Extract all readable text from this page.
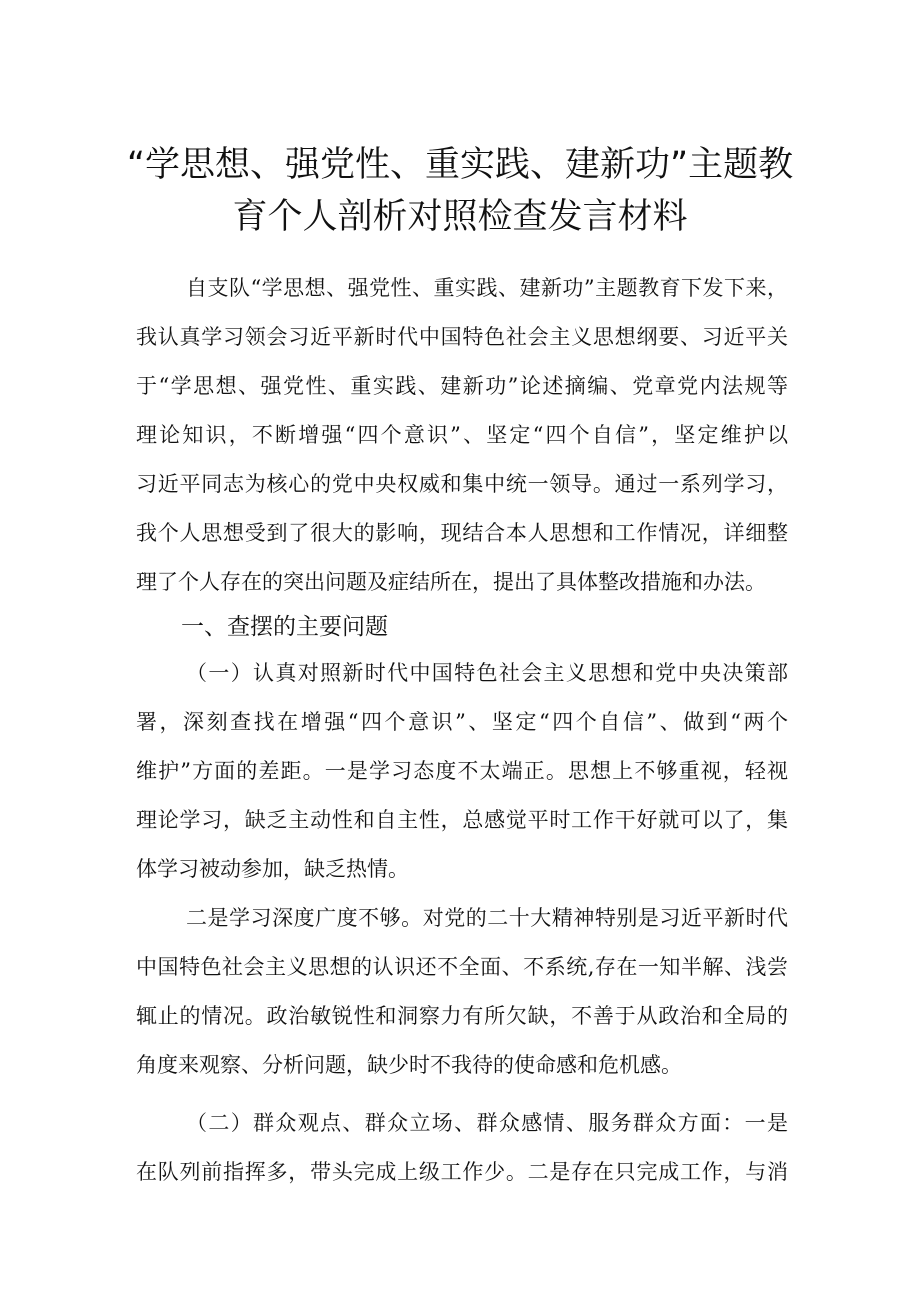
“学思想、强党性、重实践、建新功”主题教
育个人剖析对照检查发言材料
自支队“学思想、强党性、重实践、建新功”主题教育下发下来，
我认真学习领会习近平新时代中国特色社会主义思想纲要、习近平关
于“学思想、强党性、重实践、建新功”论述摘编、党章党内法规等
理论知识，不断增强“四个意识”、坚定“四个自信”，坚定维护以
习近平同志为核心的党中央权威和集中统一领导。通过一系列学习，
我个人思想受到了很大的影响，现结合本人思想和工作情况，详细整
理了个人存在的突出问题及症结所在，提出了具体整改措施和办法。
一、查摆的主要问题
（一）认真对照新时代中国特色社会主义思想和党中央决策部
署，深刻查找在增强“四个意识”、坚定“四个自信”、做到“两个
维护”方面的差距。一是学习态度不太端正。思想上不够重视，轻视
理论学习，缺乏主动性和自主性，总感觉平时工作干好就可以了，集
体学习被动参加，缺乏热情。
二是学习深度广度不够。对党的二十大精神特别是习近平新时代
中国特色社会主义思想的认识还不全面、不系统,存在一知半解、浅尝
辄止的情况。政治敏锐性和洞察力有所欠缺，不善于从政治和全局的
角度来观察、分析问题，缺少时不我待的使命感和危机感。
（二）群众观点、群众立场、群众感情、服务群众方面：一是
在队列前指挥多，带头完成上级工作少。二是存在只完成工作，与消
